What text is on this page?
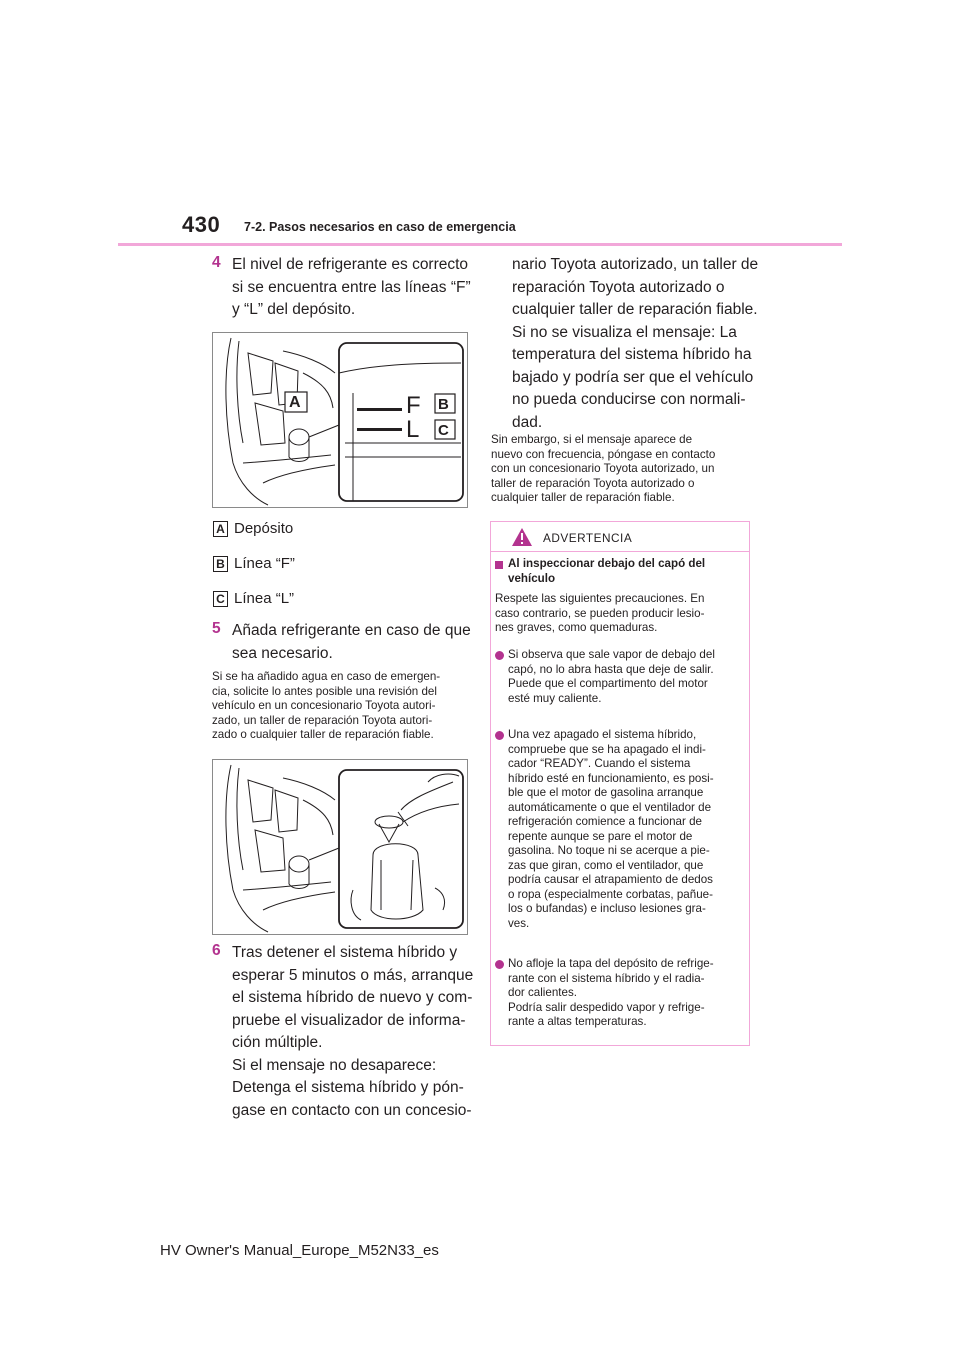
430 7-2. Pasos necesarios en caso de emergencia
4 El nivel de refrigerante es correcto
si se encuentra entre las líneas “F”
y “L” del depósito.
A	B
C
F
L
A Depósito
B Línea “F”
C Línea “L”
5 Añada refrigerante en caso de que
sea necesario.
Si se ha añadido agua en caso de emergen-
cia, solicite lo antes posible una revisión del
vehículo en un concesionario Toyota autori-
zado, un taller de reparación Toyota autori-
zado o cualquier taller de reparación fiable.
6 Tras detener el sistema híbrido y
esperar 5 minutos o más, arranque
el sistema híbrido de nuevo y com-
pruebe el visualizador de informa-
ción múltiple.
Si el mensaje no desaparece:
Detenga el sistema híbrido y pón-
gase en contacto con un concesio-
nario Toyota autorizado, un taller de
reparación Toyota autorizado o
cualquier taller de reparación fiable.
Si no se visualiza el mensaje: La
temperatura del sistema híbrido ha
bajado y podría ser que el vehículo
no pueda conducirse con normali-
dad.
Sin embargo, si el mensaje aparece de
nuevo con frecuencia, póngase en contacto
con un concesionario Toyota autorizado, un
taller de reparación Toyota autorizado o
cualquier taller de reparación fiable.
ADVERTENCIA
Al inspeccionar debajo del capó del
vehículo
Respete las siguientes precauciones. En
caso contrario, se pueden producir lesio-
nes graves, como quemaduras.
Si observa que sale vapor de debajo del
capó, no lo abra hasta que deje de salir.
Puede que el compartimento del motor
esté muy caliente.
Una vez apagado el sistema híbrido,
compruebe que se ha apagado el indi-
cador “READY”. Cuando el sistema
híbrido esté en funcionamiento, es posi-
ble que el motor de gasolina arranque
automáticamente o que el ventilador de
refrigeración comience a funcionar de
repente aunque se pare el motor de
gasolina. No toque ni se acerque a pie-
zas que giran, como el ventilador, que
podría causar el atrapamiento de dedos
o ropa (especialmente corbatas, pañue-
los o bufandas) e incluso lesiones gra-
ves.
No afloje la tapa del depósito de refrige-
rante con el sistema híbrido y el radia-
dor calientes.
Podría salir despedido vapor y refrige-
rante a altas temperaturas.
HV Owner's Manual_Europe_M52N33_es
